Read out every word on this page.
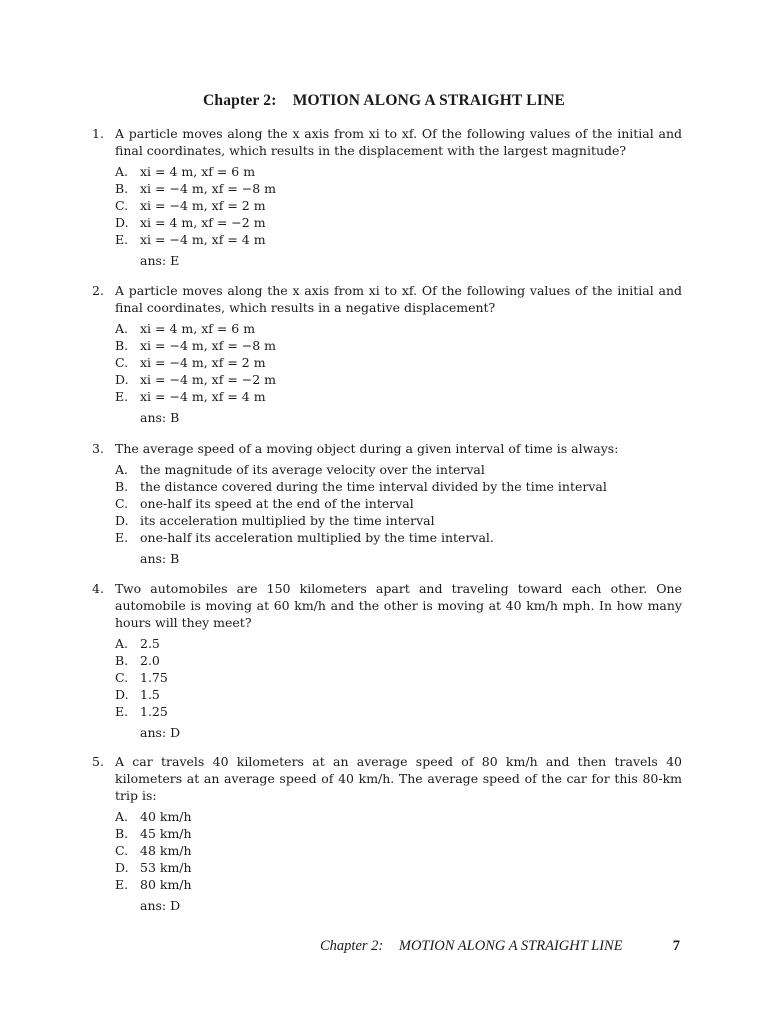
Chapter 2: MOTION ALONG A STRAIGHT LINE
1. A particle moves along the x axis from xi to xf. Of the following values of the initial and final coordinates, which results in the displacement with the largest magnitude?
A. xi = 4 m, xf = 6 m
B. xi = −4 m, xf = −8 m
C. xi = −4 m, xf = 2 m
D. xi = 4 m, xf = −2 m
E. xi = −4 m, xf = 4 m
ans: E
2. A particle moves along the x axis from xi to xf. Of the following values of the initial and final coordinates, which results in a negative displacement?
A. xi = 4 m, xf = 6 m
B. xi = −4 m, xf = −8 m
C. xi = −4 m, xf = 2 m
D. xi = −4 m, xf = −2 m
E. xi = −4 m, xf = 4 m
ans: B
3. The average speed of a moving object during a given interval of time is always:
A. the magnitude of its average velocity over the interval
B. the distance covered during the time interval divided by the time interval
C. one-half its speed at the end of the interval
D. its acceleration multiplied by the time interval
E. one-half its acceleration multiplied by the time interval.
ans: B
4. Two automobiles are 150 kilometers apart and traveling toward each other. One automobile is moving at 60 km/h and the other is moving at 40 km/h mph. In how many hours will they meet?
A. 2.5
B. 2.0
C. 1.75
D. 1.5
E. 1.25
ans: D
5. A car travels 40 kilometers at an average speed of 80 km/h and then travels 40 kilometers at an average speed of 40 km/h. The average speed of the car for this 80-km trip is:
A. 40 km/h
B. 45 km/h
C. 48 km/h
D. 53 km/h
E. 80 km/h
ans: D
Chapter 2: MOTION ALONG A STRAIGHT LINE	7
